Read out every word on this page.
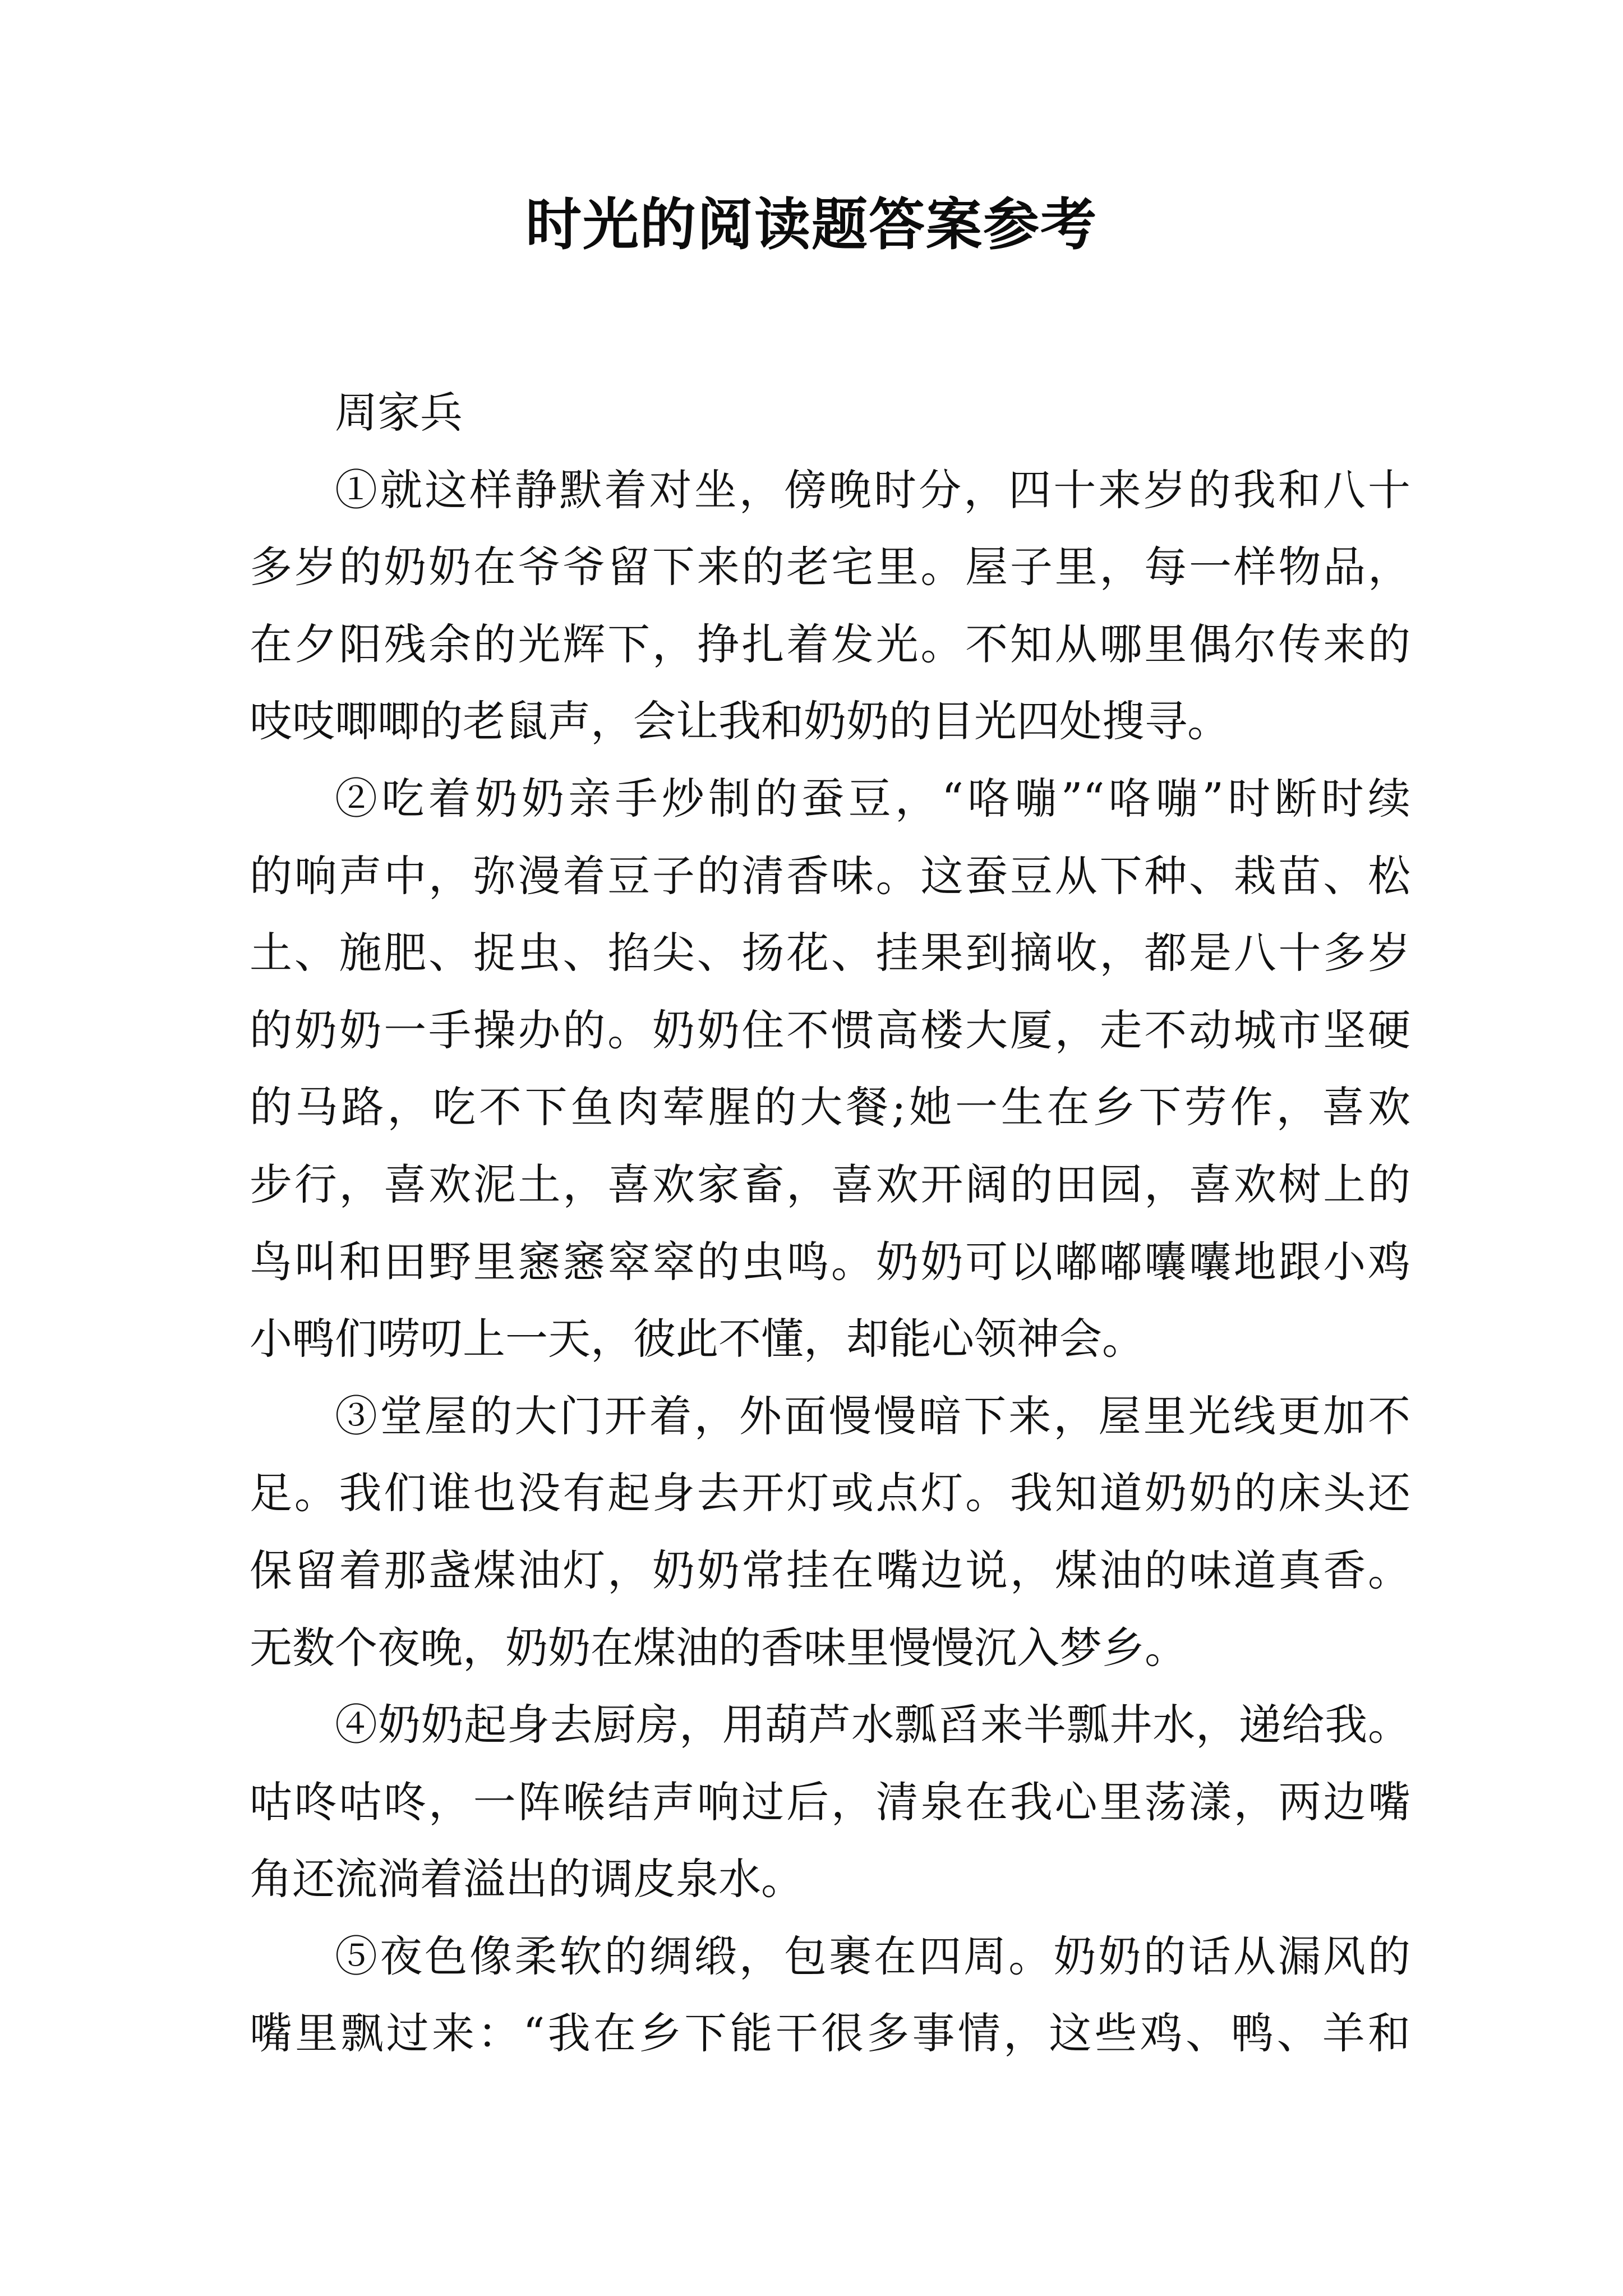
时光的阅读题答案参考
周家兵
①就这样静默着对坐，傍晚时分，四十来岁的我和八十
多岁的奶奶在爷爷留下来的老宅里。屋子里，每一样物品，
在夕阳残余的光辉下，挣扎着发光。不知从哪里偶尔传来的
吱吱唧唧的老鼠声，会让我和奶奶的目光四处搜寻。
②吃着奶奶亲手炒制的蚕豆，“咯嘣”“咯嘣”时断时续
的响声中，弥漫着豆子的清香味。这蚕豆从下种、栽苗、松
土、施肥、捉虫、掐尖、扬花、挂果到摘收，都是八十多岁
的奶奶一手操办的。奶奶住不惯高楼大厦，走不动城市坚硬
的马路，吃不下鱼肉荤腥的大餐;她一生在乡下劳作，喜欢
步行，喜欢泥土，喜欢家畜，喜欢开阔的田园，喜欢树上的
鸟叫和田野里窸窸窣窣的虫鸣。奶奶可以嘟嘟囔囔地跟小鸡
小鸭们唠叨上一天，彼此不懂，却能心领神会。
③堂屋的大门开着，外面慢慢暗下来，屋里光线更加不
足。我们谁也没有起身去开灯或点灯。我知道奶奶的床头还
保留着那盏煤油灯，奶奶常挂在嘴边说，煤油的味道真香。
无数个夜晚，奶奶在煤油的香味里慢慢沉入梦乡。
④奶奶起身去厨房，用葫芦水瓢舀来半瓢井水，递给我。
咕咚咕咚，一阵喉结声响过后，清泉在我心里荡漾，两边嘴
角还流淌着溢出的调皮泉水。
⑤夜色像柔软的绸缎，包裹在四周。奶奶的话从漏风的
嘴里飘过来：“我在乡下能干很多事情，这些鸡、鸭、羊和
